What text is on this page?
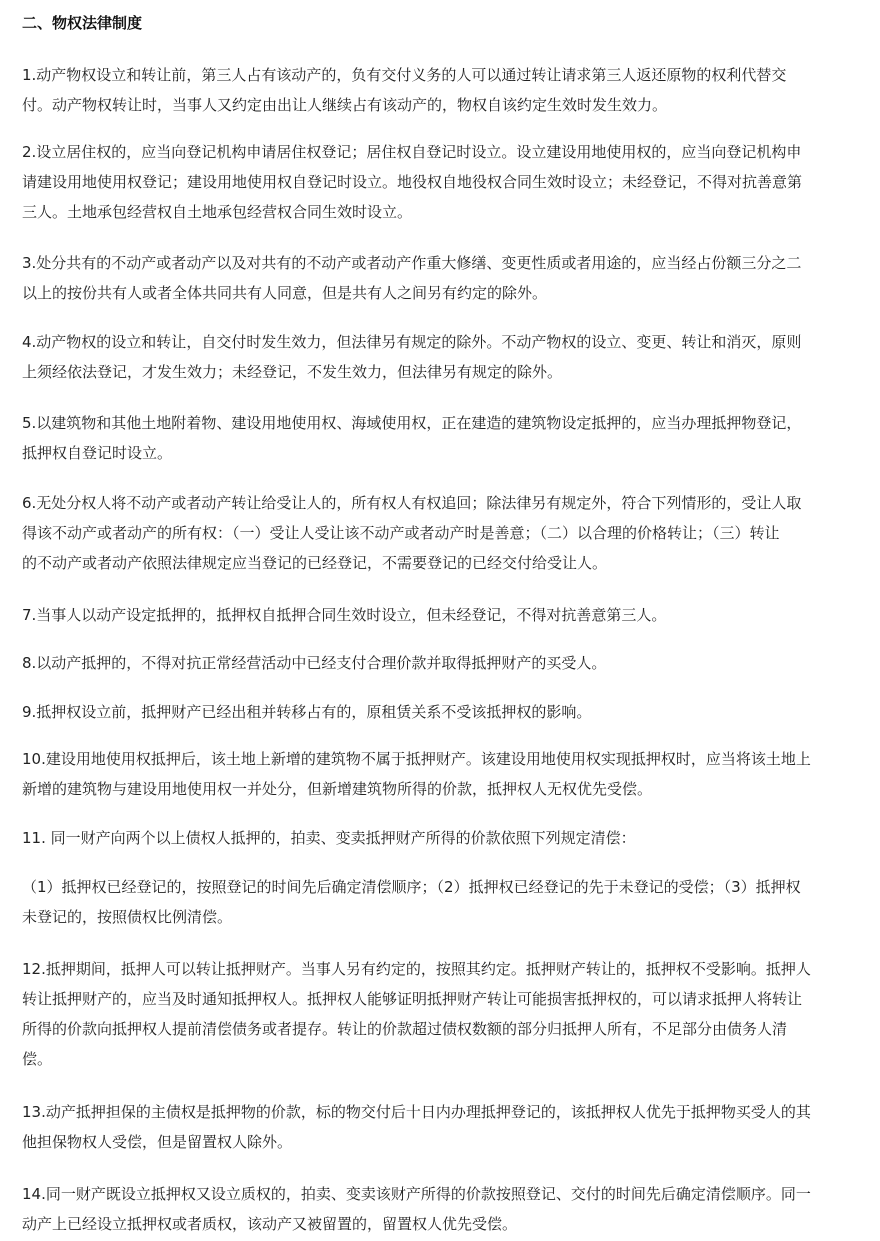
二、物权法律制度
1.动产物权设立和转让前，第三人占有该动产的，负有交付义务的人可以通过转让请求第三人返还原物的权利代替交
付。动产物权转让时，当事人又约定由出让人继续占有该动产的，物权自该约定生效时发生效力。
2.设立居住权的，应当向登记机构申请居住权登记；居住权自登记时设立。设立建设用地使用权的，应当向登记机构申
请建设用地使用权登记；建设用地使用权自登记时设立。地役权自地役权合同生效时设立；未经登记，不得对抗善意第
三人。土地承包经营权自土地承包经营权合同生效时设立。
3.处分共有的不动产或者动产以及对共有的不动产或者动产作重大修缮、变更性质或者用途的，应当经占份额三分之二
以上的按份共有人或者全体共同共有人同意，但是共有人之间另有约定的除外。
4.动产物权的设立和转让，自交付时发生效力，但法律另有规定的除外。不动产物权的设立、变更、转让和消灭，原则
上须经依法登记，才发生效力；未经登记，不发生效力，但法律另有规定的除外。
5.以建筑物和其他土地附着物、建设用地使用权、海域使用权，正在建造的建筑物设定抵押的，应当办理抵押物登记，
抵押权自登记时设立。
6.无处分权人将不动产或者动产转让给受让人的，所有权人有权追回；除法律另有规定外，符合下列情形的，受让人取
得该不动产或者动产的所有权：（一）受让人受让该不动产或者动产时是善意；（二）以合理的价格转让；（三）转让
的不动产或者动产依照法律规定应当登记的已经登记，不需要登记的已经交付给受让人。
7.当事人以动产设定抵押的，抵押权自抵押合同生效时设立，但未经登记，不得对抗善意第三人。
8.以动产抵押的，不得对抗正常经营活动中已经支付合理价款并取得抵押财产的买受人。
9.抵押权设立前，抵押财产已经出租并转移占有的，原租赁关系不受该抵押权的影响。
10.建设用地使用权抵押后，该土地上新增的建筑物不属于抵押财产。该建设用地使用权实现抵押权时，应当将该土地上
新增的建筑物与建设用地使用权一并处分，但新增建筑物所得的价款，抵押权人无权优先受偿。
11. 同一财产向两个以上债权人抵押的，拍卖、变卖抵押财产所得的价款依照下列规定清偿：
（1）抵押权已经登记的，按照登记的时间先后确定清偿顺序；（2）抵押权已经登记的先于未登记的受偿；（3）抵押权
未登记的，按照债权比例清偿。
12.抵押期间，抵押人可以转让抵押财产。当事人另有约定的，按照其约定。抵押财产转让的，抵押权不受影响。抵押人
转让抵押财产的，应当及时通知抵押权人。抵押权人能够证明抵押财产转让可能损害抵押权的，可以请求抵押人将转让
所得的价款向抵押权人提前清偿债务或者提存。转让的价款超过债权数额的部分归抵押人所有，不足部分由债务人清
偿。
13.动产抵押担保的主债权是抵押物的价款，标的物交付后十日内办理抵押登记的，该抵押权人优先于抵押物买受人的其
他担保物权人受偿，但是留置权人除外。
14.同一财产既设立抵押权又设立质权的，拍卖、变卖该财产所得的价款按照登记、交付的时间先后确定清偿顺序。同一
动产上已经设立抵押权或者质权，该动产又被留置的，留置权人优先受偿。
